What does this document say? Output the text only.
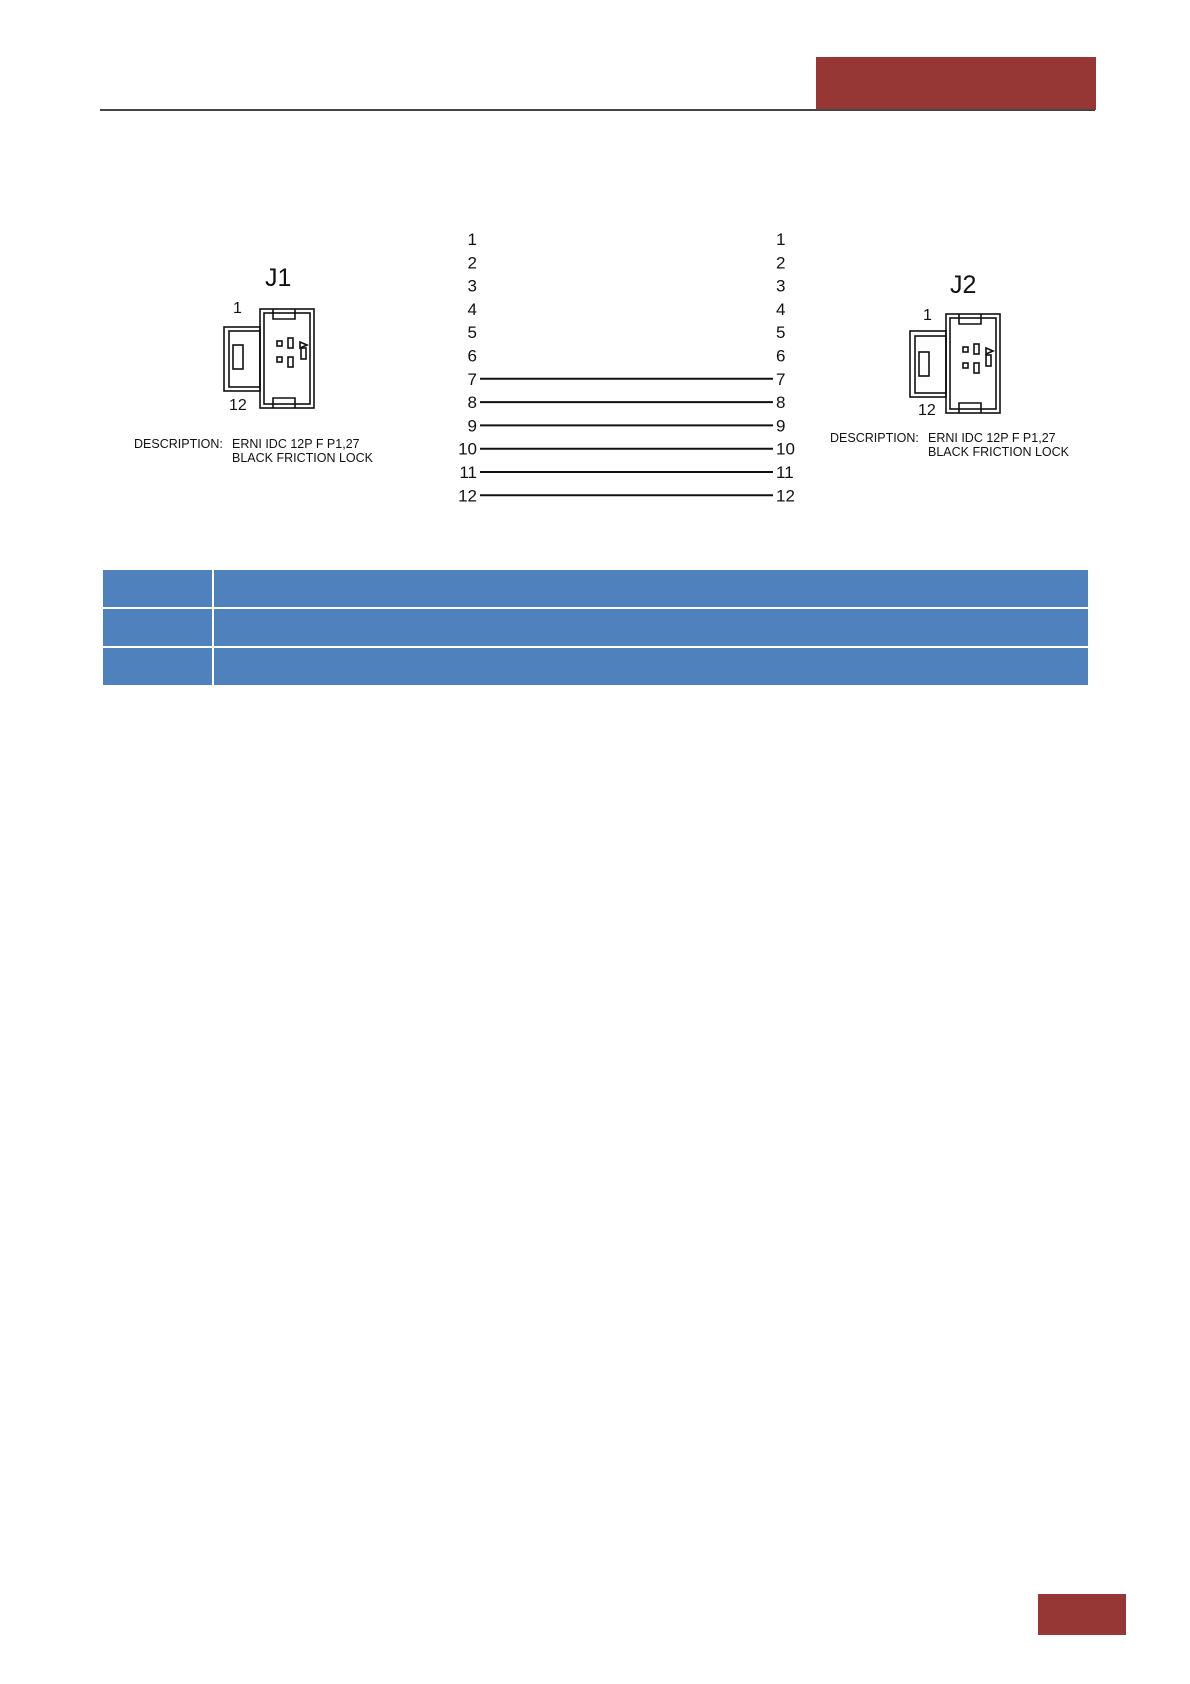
J1
1
12
DESCRIPTION: ERNI IDC 12P F P1,27
BLACK FRICTION LOCK
J2
1
12
DESCRIPTION: ERNI IDC 12P F P1,27
BLACK FRICTION LOCK
1	1
2	2
3	3
4	4
5	5
6	6
7	7
8	8
9	9
10	10
11	11
12	12
